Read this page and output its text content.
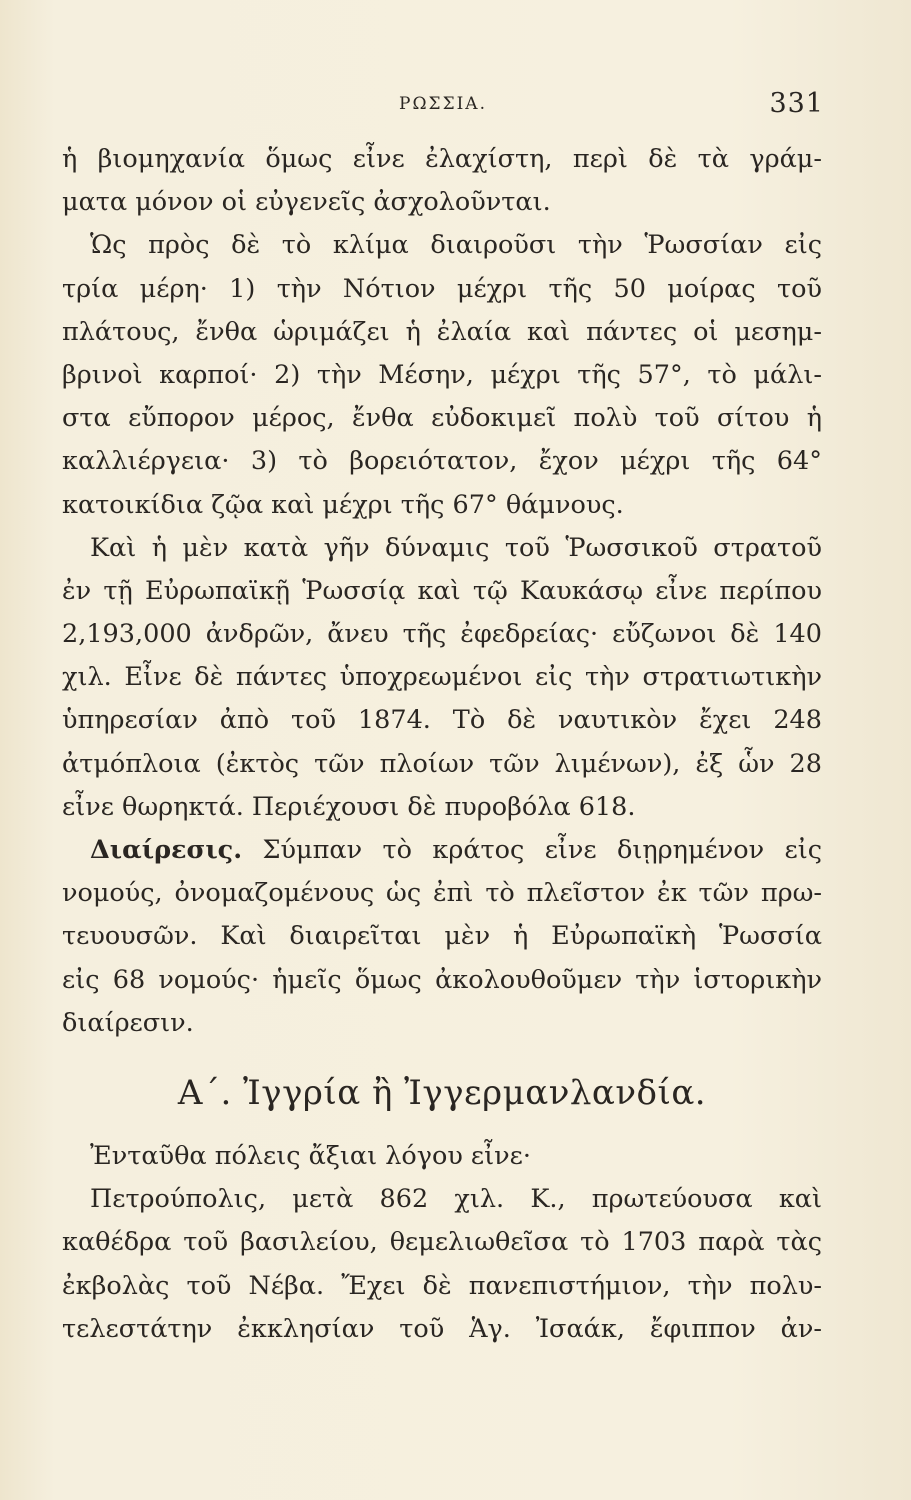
ΡΩΣΣΙΑ.	331
ἡ βιομηχανία ὅμως εἶνε ἐλαχίστη, περὶ δὲ τὰ γράμ-
ματα μόνον οἱ εὐγενεῖς ἀσχολοῦνται.
Ὡς πρὸς δὲ τὸ κλίμα διαιροῦσι τὴν Ῥωσσίαν εἰς
τρία μέρη· 1) τὴν Νότιον μέχρι τῆς 50 μοίρας τοῦ
πλάτους, ἔνθα ὡριμάζει ἡ ἐλαία καὶ πάντες οἱ μεσημ-
βρινοὶ καρποί· 2) τὴν Μέσην, μέχρι τῆς 57°, τὸ μάλι-
στα εὔπορον μέρος, ἔνθα εὐδοκιμεῖ πολὺ τοῦ σίτου ἡ
καλλιέργεια· 3) τὸ βορειότατον, ἔχον μέχρι τῆς 64°
κατοικίδια ζῷα καὶ μέχρι τῆς 67° θάμνους.
Καὶ ἡ μὲν κατὰ γῆν δύναμις τοῦ Ῥωσσικοῦ στρατοῦ
ἐν τῇ Εὐρωπαϊκῇ Ῥωσσίᾳ καὶ τῷ Καυκάσῳ εἶνε περίπου
2,193,000 ἀνδρῶν, ἄνευ τῆς ἐφεδρείας· εὔζωνοι δὲ 140
χιλ. Εἶνε δὲ πάντες ὑποχρεωμένοι εἰς τὴν στρατιωτικὴν
ὑπηρεσίαν ἀπὸ τοῦ 1874. Τὸ δὲ ναυτικὸν ἔχει 248
ἀτμόπλοια (ἐκτὸς τῶν πλοίων τῶν λιμένων), ἐξ ὧν 28
εἶνε θωρηκτά. Περιέχουσι δὲ πυροβόλα 618.
Διαίρεσις. Σύμπαν τὸ κράτος εἶνε διῃρημένον εἰς
νομούς, ὀνομαζομένους ὡς ἐπὶ τὸ πλεῖστον ἐκ τῶν πρω-
τευουσῶν. Καὶ διαιρεῖται μὲν ἡ Εὐρωπαϊκὴ Ῥωσσία
εἰς 68 νομούς· ἡμεῖς ὅμως ἀκολουθοῦμεν τὴν ἱστορικὴν
διαίρεσιν.
Α΄. Ἰγγρία ἢ Ἰγγερμανλανδία.
Ἐνταῦθα πόλεις ἄξιαι λόγου εἶνε·
Πετρούπολις, μετὰ 862 χιλ. Κ., πρωτεύουσα καὶ
καθέδρα τοῦ βασιλείου, θεμελιωθεῖσα τὸ 1703 παρὰ τὰς
ἐκβολὰς τοῦ Νέβα. Ἔχει δὲ πανεπιστήμιον, τὴν πολυ-
τελεστάτην ἐκκλησίαν τοῦ Ἁγ. Ἰσαάκ, ἔφιππον ἀν-
